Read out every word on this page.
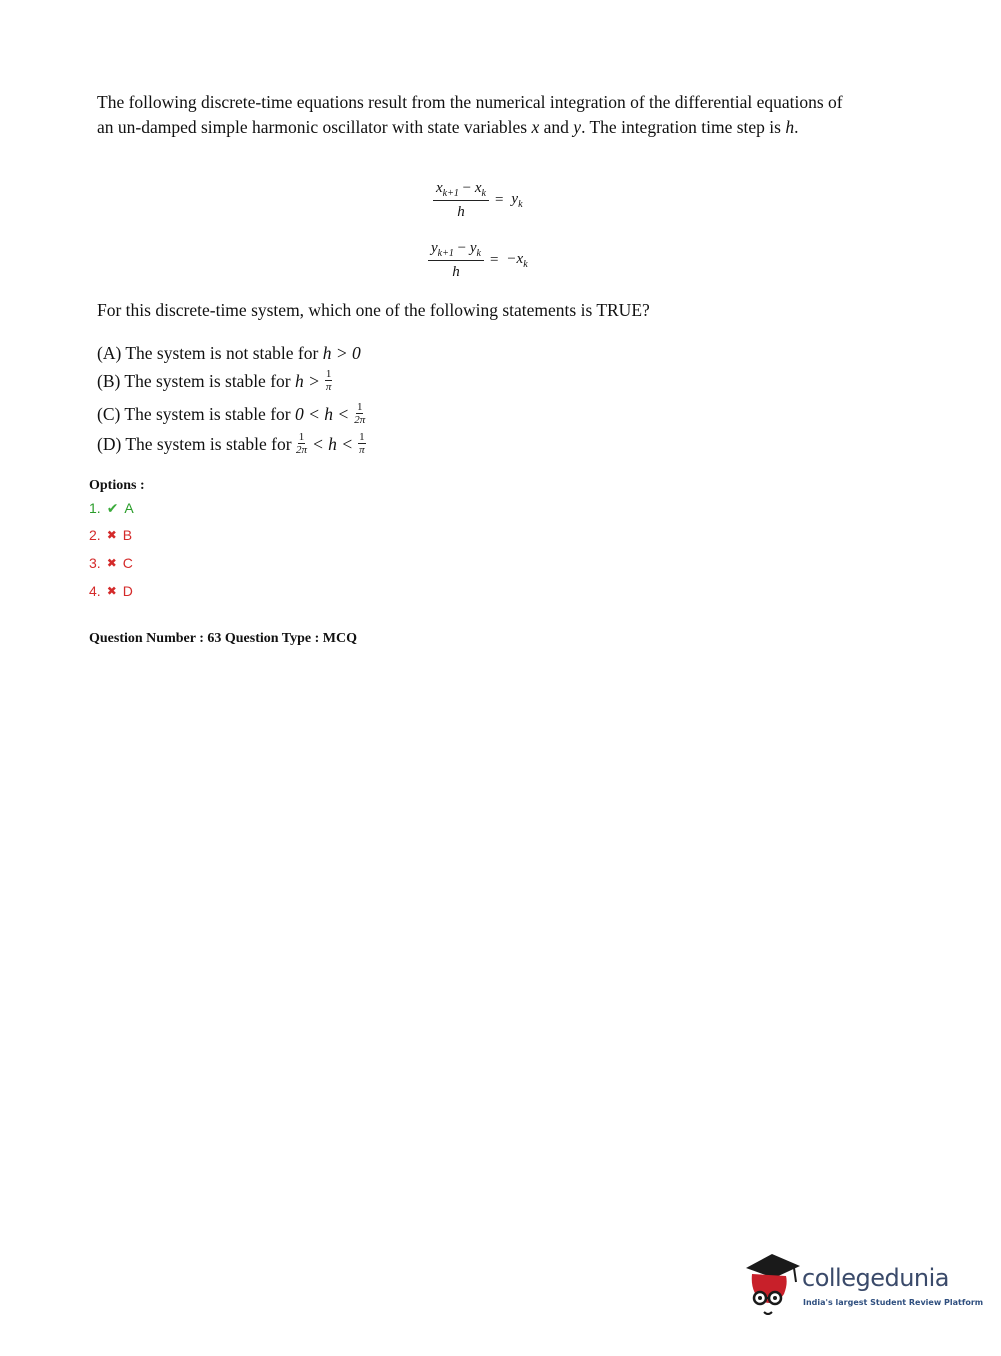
The following discrete-time equations result from the numerical integration of the differential equations of an un-damped simple harmonic oscillator with state variables x and y. The integration time step is h.
$\frac{x_{k+1} - x_k}{h} = y_k$
$\frac{y_{k+1} - y_k}{h} = -x_k$
For this discrete-time system, which one of the following statements is TRUE?
(A) The system is not stable for h > 0
(B) The system is stable for h > 1
π
(C) The system is stable for 0 < h < 1
2π
(D) The system is stable for 1
2π < h < 1
π
Options :
1. ✔ A
2. ✖ B
3. ✖ C
4. ✖ D
Question Number : 63 Question Type : MCQ
collegedunia
India's largest Student Review Platform
